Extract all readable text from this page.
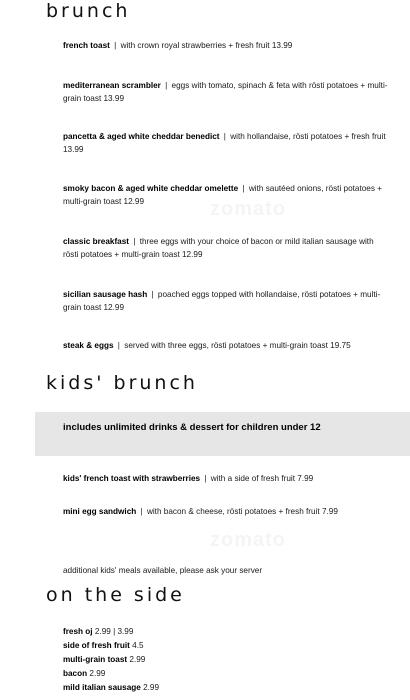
brunch
french toast | with crown royal strawberries + fresh fruit 13.99
mediterranean scrambler | eggs with tomato, spinach & feta with rösti potatoes + multi-grain toast 13.99
pancetta & aged white cheddar benedict | with hollandaise, rösti potatoes + fresh fruit 13.99
smoky bacon & aged white cheddar omelette | with sautéed onions, rösti potatoes + multi-grain toast 12.99
classic breakfast | three eggs with your choice of bacon or mild italian sausage with rösti potatoes + multi-grain toast 12.99
sicilian sausage hash | poached eggs topped with hollandaise, rösti potatoes + multi-grain toast 12.99
steak & eggs | served with three eggs, rösti potatoes + multi-grain toast 19.75
kids' brunch
includes unlimited drinks & dessert for children under 12
kids' french toast with strawberries | with a side of fresh fruit 7.99
mini egg sandwich | with bacon & cheese, rösti potatoes + fresh fruit 7.99
additional kids' meals available, please ask your server
on the side
fresh oj 2.99 | 3.99
side of fresh fruit 4.5
multi-grain toast 2.99
bacon 2.99
mild italian sausage 2.99
